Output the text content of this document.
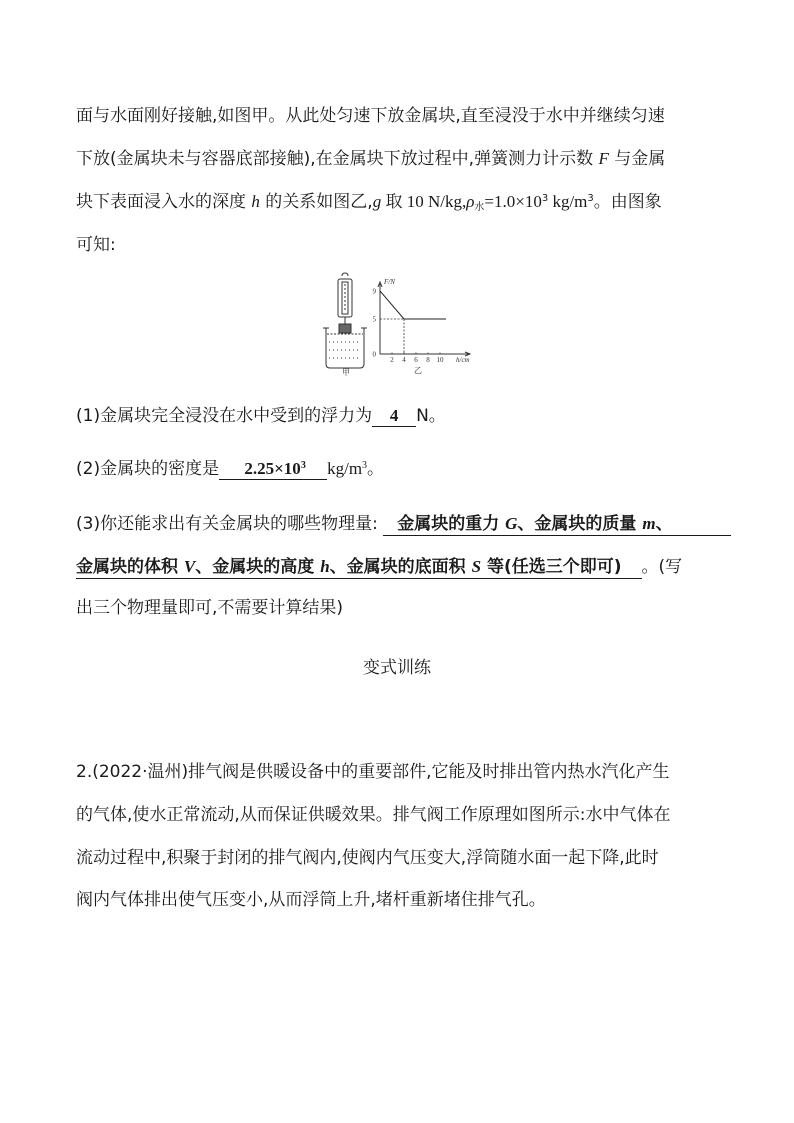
面与水面刚好接触,如图甲。从此处匀速下放金属块,直至浸没于水中并继续匀速
下放(金属块未与容器底部接触),在金属块下放过程中,弹簧测力计示数 F 与金属
块下表面浸入水的深度 h 的关系如图乙,g 取 10 $N/kg,\rho_水=1.0\times 10^3$ $kg/m^3$。由图象
可知:
甲
2 4 6 8 10
9
5
0
F/N
h/cm
乙
(1)金属块完全浸没在水中受到的浮力为 4 N。
(2)金属块的密度是 $2.25\times 10^3$ $kg/m^3$。
(3)你还能求出有关金属块的哪些物理量: 金属块的重力 G、金属块的质量 m、
金属块的体积 V、金属块的高度 h、金属块的底面积 S 等(任选三个即可) 。(写
出三个物理量即可,不需要计算结果)
变式训练
2.(2022·温州)排气阀是供暖设备中的重要部件,它能及时排出管内热水汽化产生
的气体,使水正常流动,从而保证供暖效果。排气阀工作原理如图所示:水中气体在
流动过程中,积聚于封闭的排气阀内,使阀内气压变大,浮筒随水面一起下降,此时
阀内气体排出使气压变小,从而浮筒上升,堵杆重新堵住排气孔。
